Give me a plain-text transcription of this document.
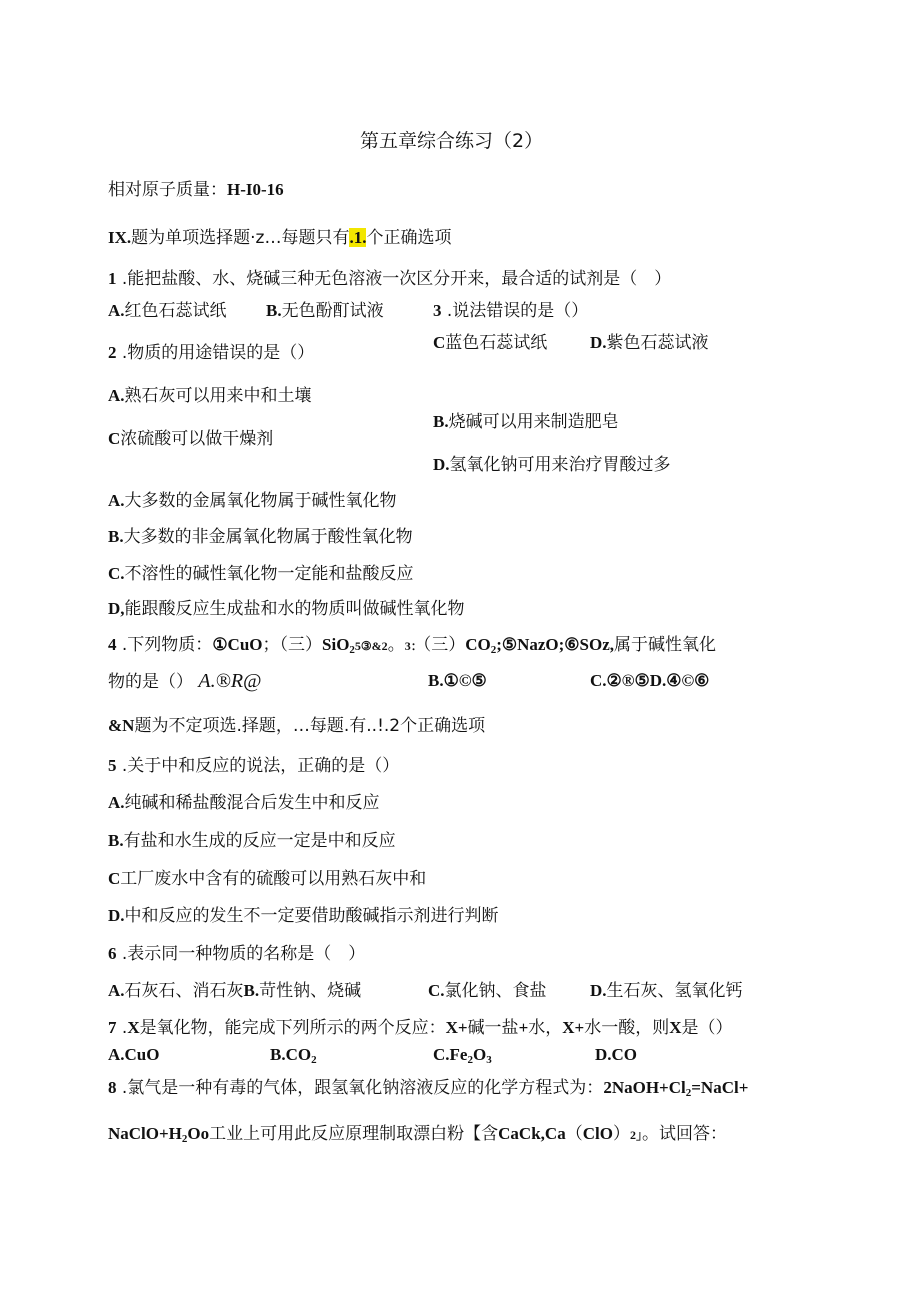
第五章综合练习（2）
相对原子质量：H-I0-16
IX.题为单项选择题·z…每题只有.1.个正确选项
1 .能把盐酸、水、烧碱三种无色溶液一次区分开来，最合适的试剂是（　）
A.红色石蕊试纸 B.无色酚酊试液	3 .说法错误的是（）
C蓝色石蕊试纸	D.紫色石蕊试液
2 .物质的用途错误的是（）
A.熟石灰可以用来中和土壤
B.烧碱可以用来制造肥皂
C浓硫酸可以做干燥剂
D.氢氧化钠可用来治疗胃酸过多
A.大多数的金属氧化物属于碱性氧化物
B.大多数的非金属氧化物属于酸性氧化物
C.不溶性的碱性氧化物一定能和盐酸反应
D,能跟酸反应生成盐和水的物质叫做碱性氧化物
4 .下列物质：①CuO；（三）SiO$_2$5③&2。3：（三）$CO_2;⑤NazO;⑥SOz$,属于碱性氧化
物的是（） A.®R@	B.①©⑤	C.②®⑤D.④©⑥
&N题为不定项选.择题，…每题.有..!.2个正确选项
5 .关于中和反应的说法，正确的是（）
A.纯碱和稀盐酸混合后发生中和反应
B.有盐和水生成的反应一定是中和反应
C工厂废水中含有的硫酸可以用熟石灰中和
D.中和反应的发生不一定要借助酸碱指示剂进行判断
6 .表示同一种物质的名称是（　）
A.石灰石、消石灰B.苛性钠、烧碱	C.氯化钠、食盐	D.生石灰、氢氧化钙
7 .X是氧化物，能完成下列所示的两个反应：X+碱一盐+水，X+水一酸，则X是（）
A.CuO	$B.CO_2$	$C.Fe_2O_3$	D.CO
8 .氯气是一种有毒的气体，跟氢氧化钠溶液反应的化学方程式为：$2NaOH+Cl_2=NaCl+$
$NaClO+H_2Oo$工业上可用此反应原理制取漂白粉【含CaCk,Ca（ClO）2」。试回答：
